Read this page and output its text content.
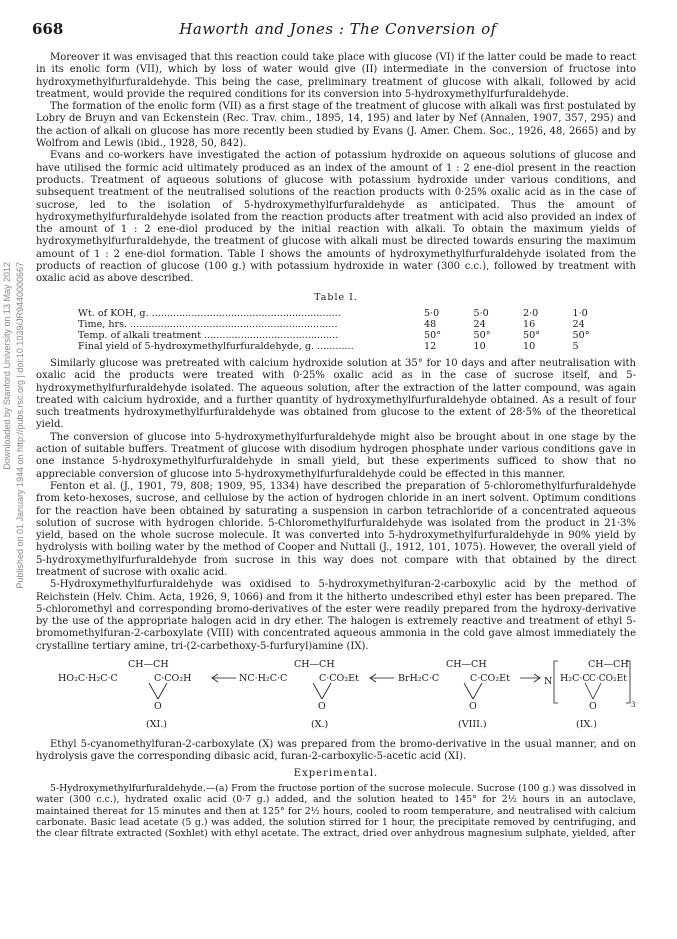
Downloaded by Stanford University on 13 May 2012 Published on 01 January 1944 on http://pubs.rsc.org | doi:10.1039/JR9440000667
668	Haworth and Jones : The Conversion of

Moreover it was envisaged that this reaction could take place with glucose (VI) if the latter could be made to react in its enolic form (VII), which by loss of water would give (II) intermediate in the conversion of fructose into hydroxymethylfurfuraldehyde. This being the case, preliminary treatment of glucose with alkali, followed by acid treatment, would provide the required conditions for its conversion into 5-hydroxymethylfurfuraldehyde.

The formation of the enolic form (VII) as a first stage of the treatment of glucose with alkali was first postulated by Lobry de Bruyn and van Eckenstein (Rec. Trav. chim., 1895, 14, 195) and later by Nef (Annalen, 1907, 357, 295) and the action of alkali on glucose has more recently been studied by Evans (J. Amer. Chem. Soc., 1926, 48, 2665) and by Wolfrom and Lewis (ibid., 1928, 50, 842).

Evans and co-workers have investigated the action of potassium hydroxide on aqueous solutions of glucose and have utilised the formic acid ultimately produced as an index of the amount of 1 : 2 ene-diol present in the reaction products. Treatment of aqueous solutions of glucose with potassium hydroxide under various conditions, and subsequent treatment of the neutralised solutions of the reaction products with 0·25% oxalic acid as in the case of sucrose, led to the isolation of 5-hydroxymethylfurfuraldehyde as anticipated. Thus the amount of hydroxymethylfurfuraldehyde isolated from the reaction products after treatment with acid also provided an index of the amount of 1 : 2 ene-diol produced by the initial reaction with alkali. To obtain the maximum yields of hydroxymethylfurfuraldehyde, the treatment of glucose with alkali must be directed towards ensuring the maximum amount of 1 : 2 ene-diol formation. Table I shows the amounts of hydroxymethylfurfuraldehyde isolated from the products of reaction of glucose (100 g.) with potassium hydroxide in water (300 c.c.), followed by treatment with oxalic acid as above described.

Table I.
Wt. of KOH, g. ..............................................................	5·0	5·0	2·0	1·0
Time, hrs. ....................................................................	48	24	16	24
Temp. of alkali treatment ............................................	50°	50°	50°	50°
Final yield of 5-hydroxymethylfurfuraldehyde, g. ............	12	10	10	5

Similarly glucose was pretreated with calcium hydroxide solution at 35° for 10 days and after neutralisation with oxalic acid the products were treated with 0·25% oxalic acid as in the case of sucrose itself, and 5-hydroxymethylfurfuraldehyde isolated. The aqueous solution, after the extraction of the latter compound, was again treated with calcium hydroxide, and a further quantity of hydroxymethylfurfuraldehyde obtained. As a result of four such treatments hydroxymethylfurfuraldehyde was obtained from glucose to the extent of 28·5% of the theoretical yield.

The conversion of glucose into 5-hydroxymethylfurfuraldehyde might also be brought about in one stage by the action of suitable buffers. Treatment of glucose with disodium hydrogen phosphate under various conditions gave in one instance 5-hydroxymethylfurfuraldehyde in small yield, but these experiments sufficed to show that no appreciable conversion of glucose into 5-hydroxymethylfurfuraldehyde could be effected in this manner.

Fenton et al. (J., 1901, 79, 808; 1909, 95, 1334) have described the preparation of 5-chloromethylfurfuraldehyde from keto-hexoses, sucrose, and cellulose by the action of hydrogen chloride in an inert solvent. Optimum conditions for the reaction have been obtained by saturating a suspension in carbon tetrachloride of a concentrated aqueous solution of sucrose with hydrogen chloride. 5-Chloromethylfurfuraldehyde was isolated from the product in 21·3% yield, based on the whole sucrose molecule. It was converted into 5-hydroxymethylfurfuraldehyde in 90% yield by hydrolysis with boiling water by the method of Cooper and Nuttall (J., 1912, 101, 1075). However, the overall yield of 5-hydroxymethylfurfuraldehyde from sucrose in this way does not compare with that obtained by the direct treatment of sucrose with oxalic acid.

5-Hydroxymethylfurfuraldehyde was oxidised to 5-hydroxymethylfuran-2-carboxylic acid by the method of Reichstein (Helv. Chim. Acta, 1926, 9, 1066) and from it the hitherto undescribed ethyl ester has been prepared. The 5-chloromethyl and corresponding bromo-derivatives of the ester were readily prepared from the hydroxy-derivative by the use of the appropriate halogen acid in dry ether. The halogen is extremely reactive and treatment of ethyl 5-bromomethylfuran-2-carboxylate (VIII) with concentrated aqueous ammonia in the cold gave almost immediately the crystalline tertiary amine, tri-(2-carbethoxy-5-furfuryl)amine (IX).

CH—CH
HO₂C·H₂C·C	C·CO₂H
O
(XI.)
CH—CH
NC·H₂C·C	C·CO₂Et
O
(X.)
CH—CH
BrH₂C·C	C·CO₂Et
O
(VIII.)
N
CH—CH
H₂C·C C·CO₂Et
O	3
(IX.)

Ethyl 5-cyanomethylfuran-2-carboxylate (X) was prepared from the bromo-derivative in the usual manner, and on hydrolysis gave the corresponding dibasic acid, furan-2-carboxylic-5-acetic acid (XI).

Experimental.

5-Hydroxymethylfurfuraldehyde.—(a) From the fructose portion of the sucrose molecule. Sucrose (100 g.) was dissolved in water (300 c.c.), hydrated oxalic acid (0·7 g.) added, and the solution heated to 145° for 2½ hours in an autoclave, maintained thereat for 15 minutes and then at 125° for 2½ hours, cooled to room temperature, and neutralised with calcium carbonate. Basic lead acetate (5 g.) was added, the solution stirred for 1 hour, the precipitate removed by centrifuging, and the clear filtrate extracted (Soxhlet) with ethyl acetate. The extract, dried over anhydrous magnesium sulphate, yielded, after
